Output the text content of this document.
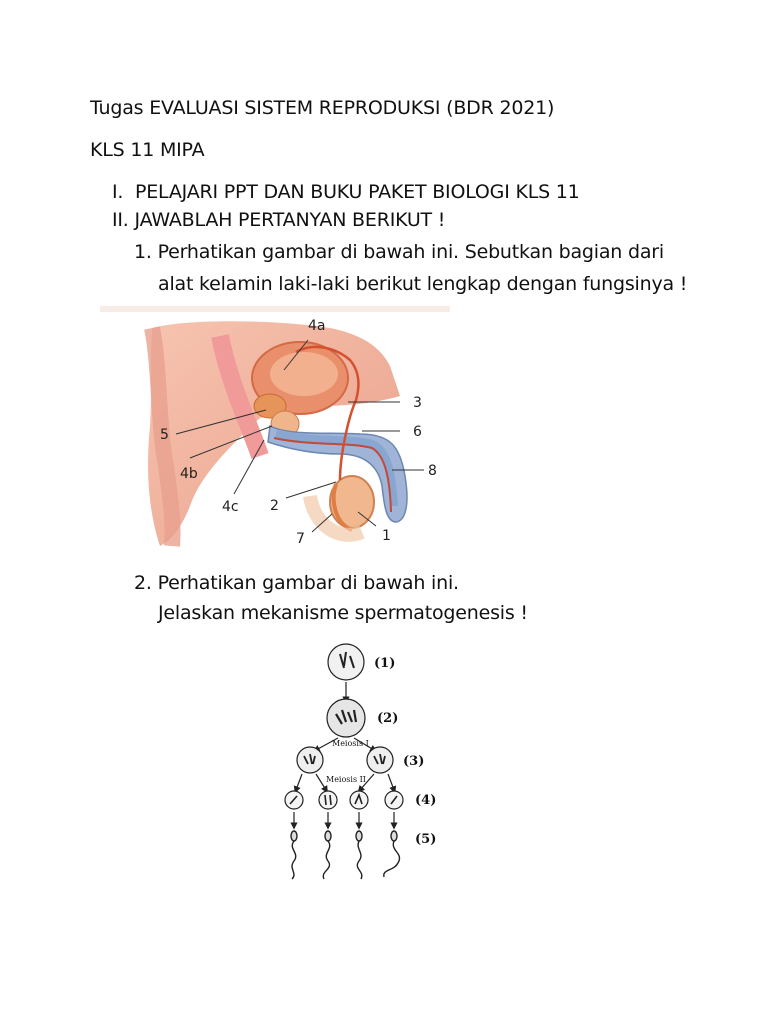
Tugas EVALUASI SISTEM REPRODUKSI (BDR 2021)
KLS 11 MIPA
I. PELAJARI PPT DAN BUKU PAKET BIOLOGI KLS 11
II. JAWABLAH PERTANYAN BERIKUT !
1. Perhatikan gambar di bawah ini. Sebutkan bagian dari
alat kelamin laki-laki berikut lengkap dengan fungsinya !
4a
3
6
5
4b	8
4c 2
7	1
2. Perhatikan gambar di bawah ini.
Jelaskan mekanisme spermatogenesis !
(1)
(2)
(3)
(4)
(5)
Meiosis I
Meiosis II
